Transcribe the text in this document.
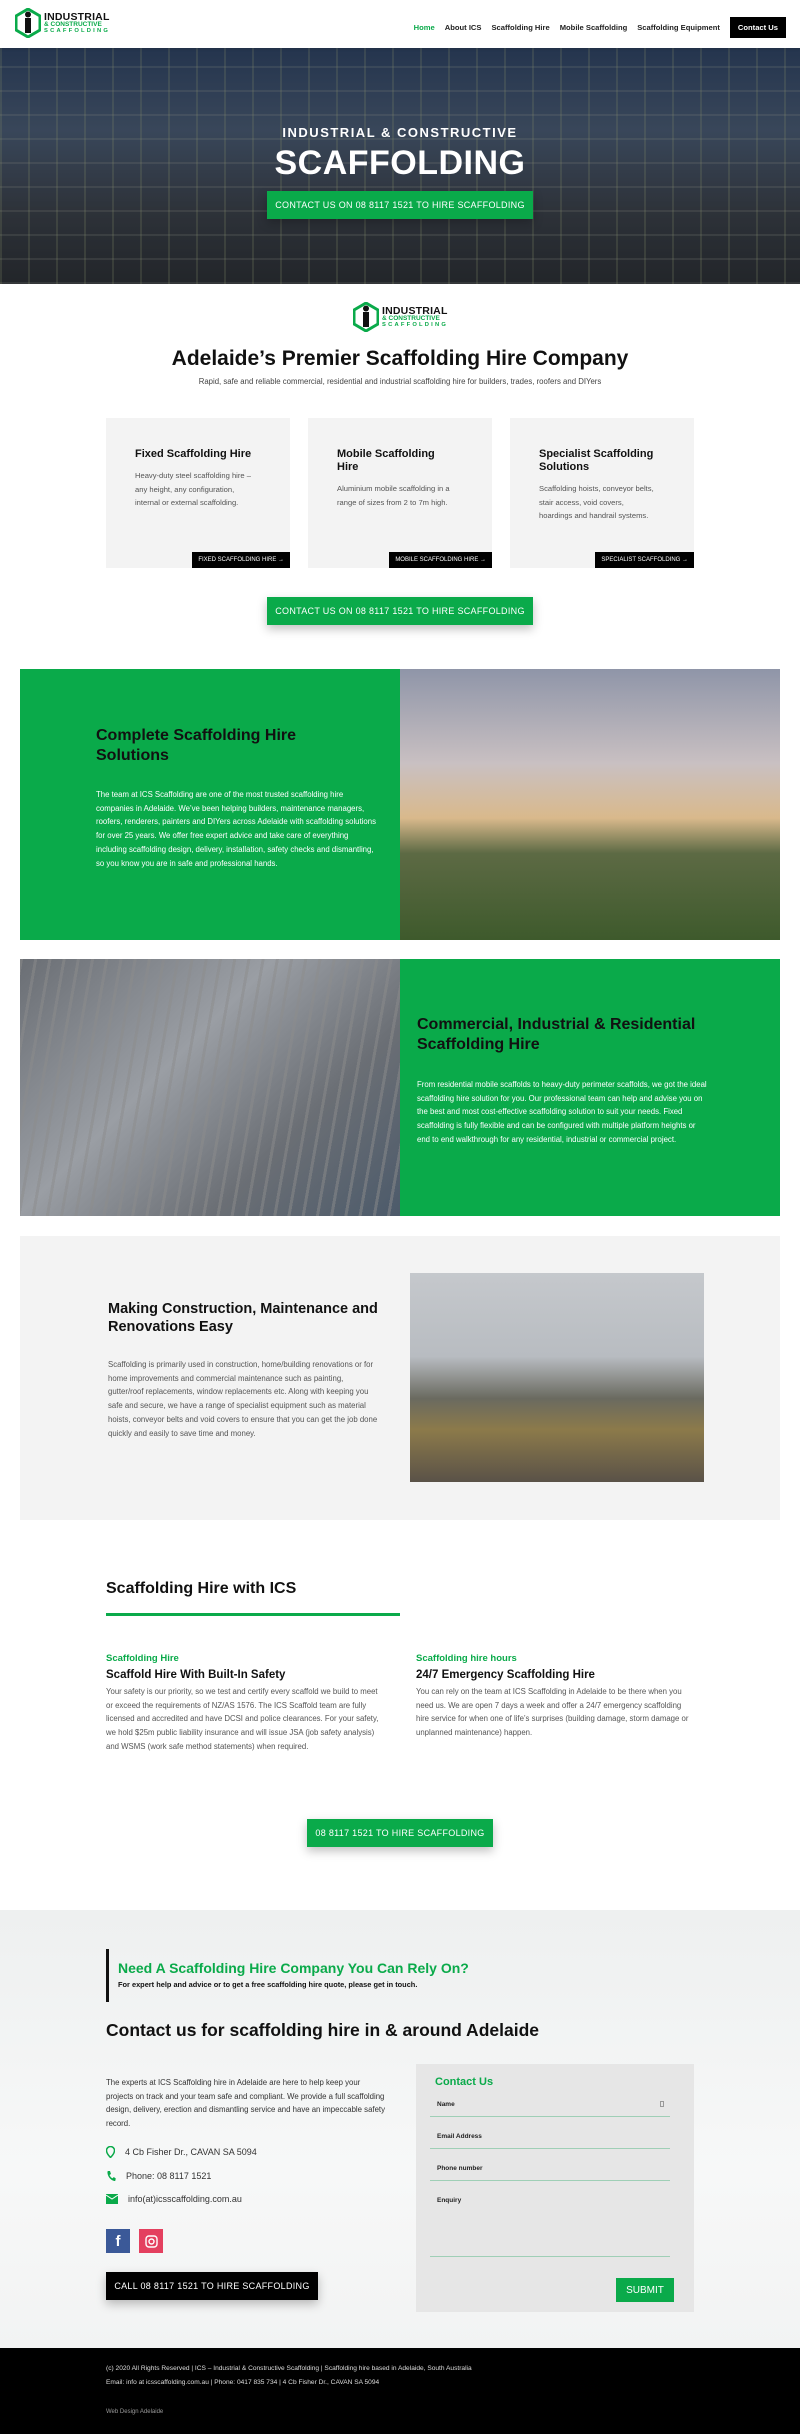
INDUSTRIAL
& CONSTRUCTIVE
SCAFFOLDING	Home About ICS Scaffolding Hire Mobile Scaffolding Scaffolding Equipment	Contact Us
INDUSTRIAL & CONSTRUCTIVE
SCAFFOLDING
CONTACT US ON 08 8117 1521 TO HIRE SCAFFOLDING
INDUSTRIAL
& CONSTRUCTIVE
SCAFFOLDING
Adelaide’s Premier Scaffolding Hire Company
Rapid, safe and reliable commercial, residential and industrial scaffolding hire for builders, trades, roofers and DIYers
Fixed Scaffolding Hire

Heavy-duty steel scaffolding hire – any height, any configuration, internal or external scaffolding.

FIXED SCAFFOLDING HIRE →
Mobile Scaffolding Hire

Aluminium mobile scaffolding in a range of sizes from 2 to 7m high.

MOBILE SCAFFOLDING HIRE →
Specialist Scaffolding Solutions

Scaffolding hoists, conveyor belts, stair access, void covers, hoardings and handrail systems.

SPECIALIST SCAFFOLDING →
CONTACT US ON 08 8117 1521 TO HIRE SCAFFOLDING
Complete Scaffolding Hire Solutions
The team at ICS Scaffolding are one of the most trusted scaffolding hire companies in Adelaide. We’ve been helping builders, maintenance managers, roofers, renderers, painters and DIYers across Adelaide with scaffolding solutions for over 25 years. We offer free expert advice and take care of everything including scaffolding design, delivery, installation, safety checks and dismantling, so you know you are in safe and professional hands.
Commercial, Industrial & Residential Scaffolding Hire
From residential mobile scaffolds to heavy-duty perimeter scaffolds, we got the ideal scaffolding hire solution for you. Our professional team can help and advise you on the best and most cost-effective scaffolding solution to suit your needs. Fixed scaffolding is fully flexible and can be configured with multiple platform heights or end to end walkthrough for any residential, industrial or commercial project.
Making Construction, Maintenance and Renovations Easy
Scaffolding is primarily used in construction, home/building renovations or for home improvements and commercial maintenance such as painting, gutter/roof replacements, window replacements etc. Along with keeping you safe and secure, we have a range of specialist equipment such as material hoists, conveyor belts and void covers to ensure that you can get the job done quickly and easily to save time and money.
Scaffolding Hire with ICS
Scaffolding Hire
Scaffold Hire With Built-In Safety
Your safety is our priority, so we test and certify every scaffold we build to meet or exceed the requirements of NZ/AS 1576. The ICS Scaffold team are fully licensed and accredited and have DCSI and police clearances. For your safety, we hold $25m public liability insurance and will issue JSA (job safety analysis) and WSMS (work safe method statements) when required.
Scaffolding hire hours
24/7 Emergency Scaffolding Hire
You can rely on the team at ICS Scaffolding in Adelaide to be there when you need us. We are open 7 days a week and offer a 24/7 emergency scaffolding hire service for when one of life’s surprises (building damage, storm damage or unplanned maintenance) happen.
08 8117 1521 TO HIRE SCAFFOLDING
Need A Scaffolding Hire Company You Can Rely On?
For expert help and advice or to get a free scaffolding hire quote, please get in touch.
Contact us for scaffolding hire in & around Adelaide
The experts at ICS Scaffolding hire in Adelaide are here to help keep your projects on track and your team safe and compliant. We provide a full scaffolding design, delivery, erection and dismantling service and have an impeccable safety record.
4 Cb Fisher Dr., CAVAN SA 5094
Phone: 08 8117 1521
info(at)icsscaffolding.com.au
f
CALL 08 8117 1521 TO HIRE SCAFFOLDING
Contact Us
Name
Email Address
Phone number
Enquiry
SUBMIT
(c) 2020 All Rights Reserved | ICS – Industrial & Constructive Scaffolding | Scaffolding hire based in Adelaide, South Australia
Email: info at icsscaffolding.com.au | Phone: 0417 835 734 | 4 Cb Fisher Dr., CAVAN SA 5094
Web Design Adelaide
